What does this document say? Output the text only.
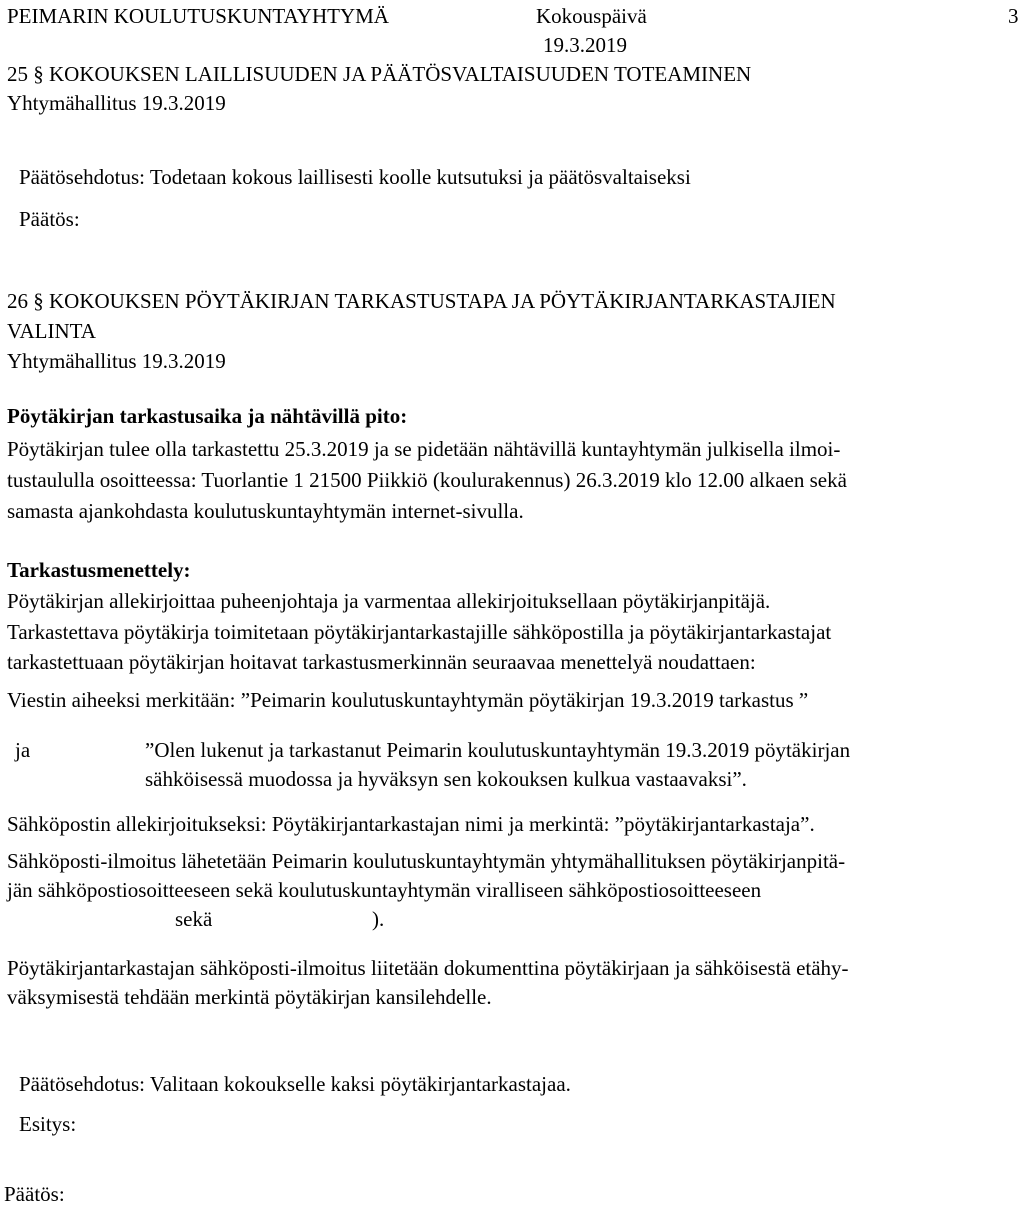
PEIMARIN KOULUTUSKUNTAYHTYMÄ	Kokouspäivä
19.3.2019
3
25 § KOKOUKSEN LAILLISUUDEN JA PÄÄTÖSVALTAISUUDEN TOTEAMINEN
Yhtymähallitus 19.3.2019
Päätösehdotus: Todetaan kokous laillisesti koolle kutsutuksi ja päätösvaltaiseksi
Päätös:
26 § KOKOUKSEN PÖYTÄKIRJAN TARKASTUSTAPA JA PÖYTÄKIRJANTARKASTAJIEN
VALINTA
Yhtymähallitus 19.3.2019
Pöytäkirjan tarkastusaika ja nähtävillä pito:
Pöytäkirjan tulee olla tarkastettu 25.3.2019 ja se pidetään nähtävillä kuntayhtymän julkisella ilmoi-
tustaululla osoitteessa: Tuorlantie 1 21500 Piikkiö (koulurakennus) 26.3.2019 klo 12.00 alkaen sekä
samasta ajankohdasta koulutuskuntayhtymän internet-sivulla.
Tarkastusmenettely:
Pöytäkirjan allekirjoittaa puheenjohtaja ja varmentaa allekirjoituksellaan pöytäkirjanpitäjä.
Tarkastettava pöytäkirja toimitetaan pöytäkirjantarkastajille sähköpostilla ja pöytäkirjantarkastajat
tarkastettuaan pöytäkirjan hoitavat tarkastusmerkinnän seuraavaa menettelyä noudattaen:
Viestin aiheeksi merkitään: ”Peimarin koulutuskuntayhtymän pöytäkirjan 19.3.2019 tarkastus ”
ja	”Olen lukenut ja tarkastanut Peimarin koulutuskuntayhtymän 19.3.2019 pöytäkirjan
sähköisessä muodossa ja hyväksyn sen kokouksen kulkua vastaavaksi”.
Sähköpostin allekirjoitukseksi: Pöytäkirjantarkastajan nimi ja merkintä: ”pöytäkirjantarkastaja”.
Sähköposti-ilmoitus lähetetään Peimarin koulutuskuntayhtymän yhtymähallituksen pöytäkirjanpitä-
jän sähköpostiosoitteeseen sekä koulutuskuntayhtymän viralliseen sähköpostiosoitteeseen
sekä	).
Pöytäkirjantarkastajan sähköposti-ilmoitus liitetään dokumenttina pöytäkirjaan ja sähköisestä etähy-
väksymisestä tehdään merkintä pöytäkirjan kansilehdelle.
Päätösehdotus: Valitaan kokoukselle kaksi pöytäkirjantarkastajaa.
Esitys:
Päätös:
